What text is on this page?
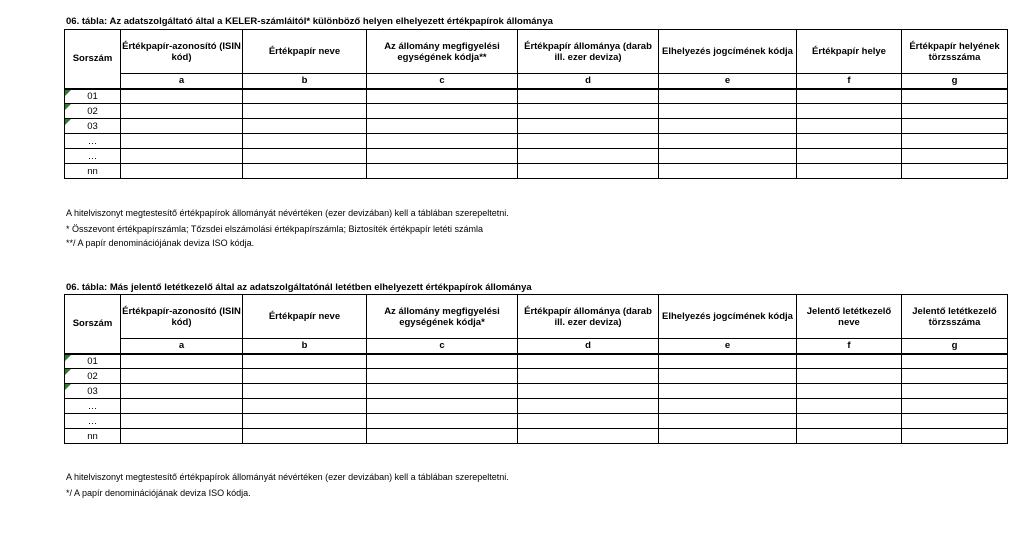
06. tábla: Az adatszolgáltató által a KELER-számláitól* különböző helyen elhelyezett értékpapírok állománya
Sorszám	Értékpapír-azonosító (ISIN kód)	Értékpapír neve	Az állomány megfigyelési egységének kódja**	Értékpapír állománya (darab ill. ezer deviza)	Elhelyezés jogcímének kódja	Értékpapír helye	Értékpapír helyének törzsszáma
	a	b	c	d	e	f	g

01							

02							

03							
…							
…							
nn							
A hitelviszonyt megtestesítő értékpapírok állományát névértéken (ezer devizában) kell a táblában szerepeltetni.
* Összevont értékpapírszámla; Tőzsdei elszámolási értékpapírszámla; Biztosíték értékpapír letéti számla
**/ A papír denominációjának deviza ISO kódja.
06. tábla: Más jelentő letétkezelő által az adatszolgáltatónál letétben elhelyezett értékpapírok állománya
Sorszám	Értékpapír-azonosító (ISIN kód)	Értékpapír neve	Az állomány megfigyelési egységének kódja*	Értékpapír állománya (darab ill. ezer deviza)	Elhelyezés jogcímének kódja	Jelentő letétkezelő neve	Jelentő letétkezelő törzsszáma
	a	b	c	d	e	f	g

01							

02							

03							
…							
…							
nn							
A hitelviszonyt megtestesítő értékpapírok állományát névértéken (ezer devizában) kell a táblában szerepeltetni.
*/ A papír denominációjának deviza ISO kódja.
